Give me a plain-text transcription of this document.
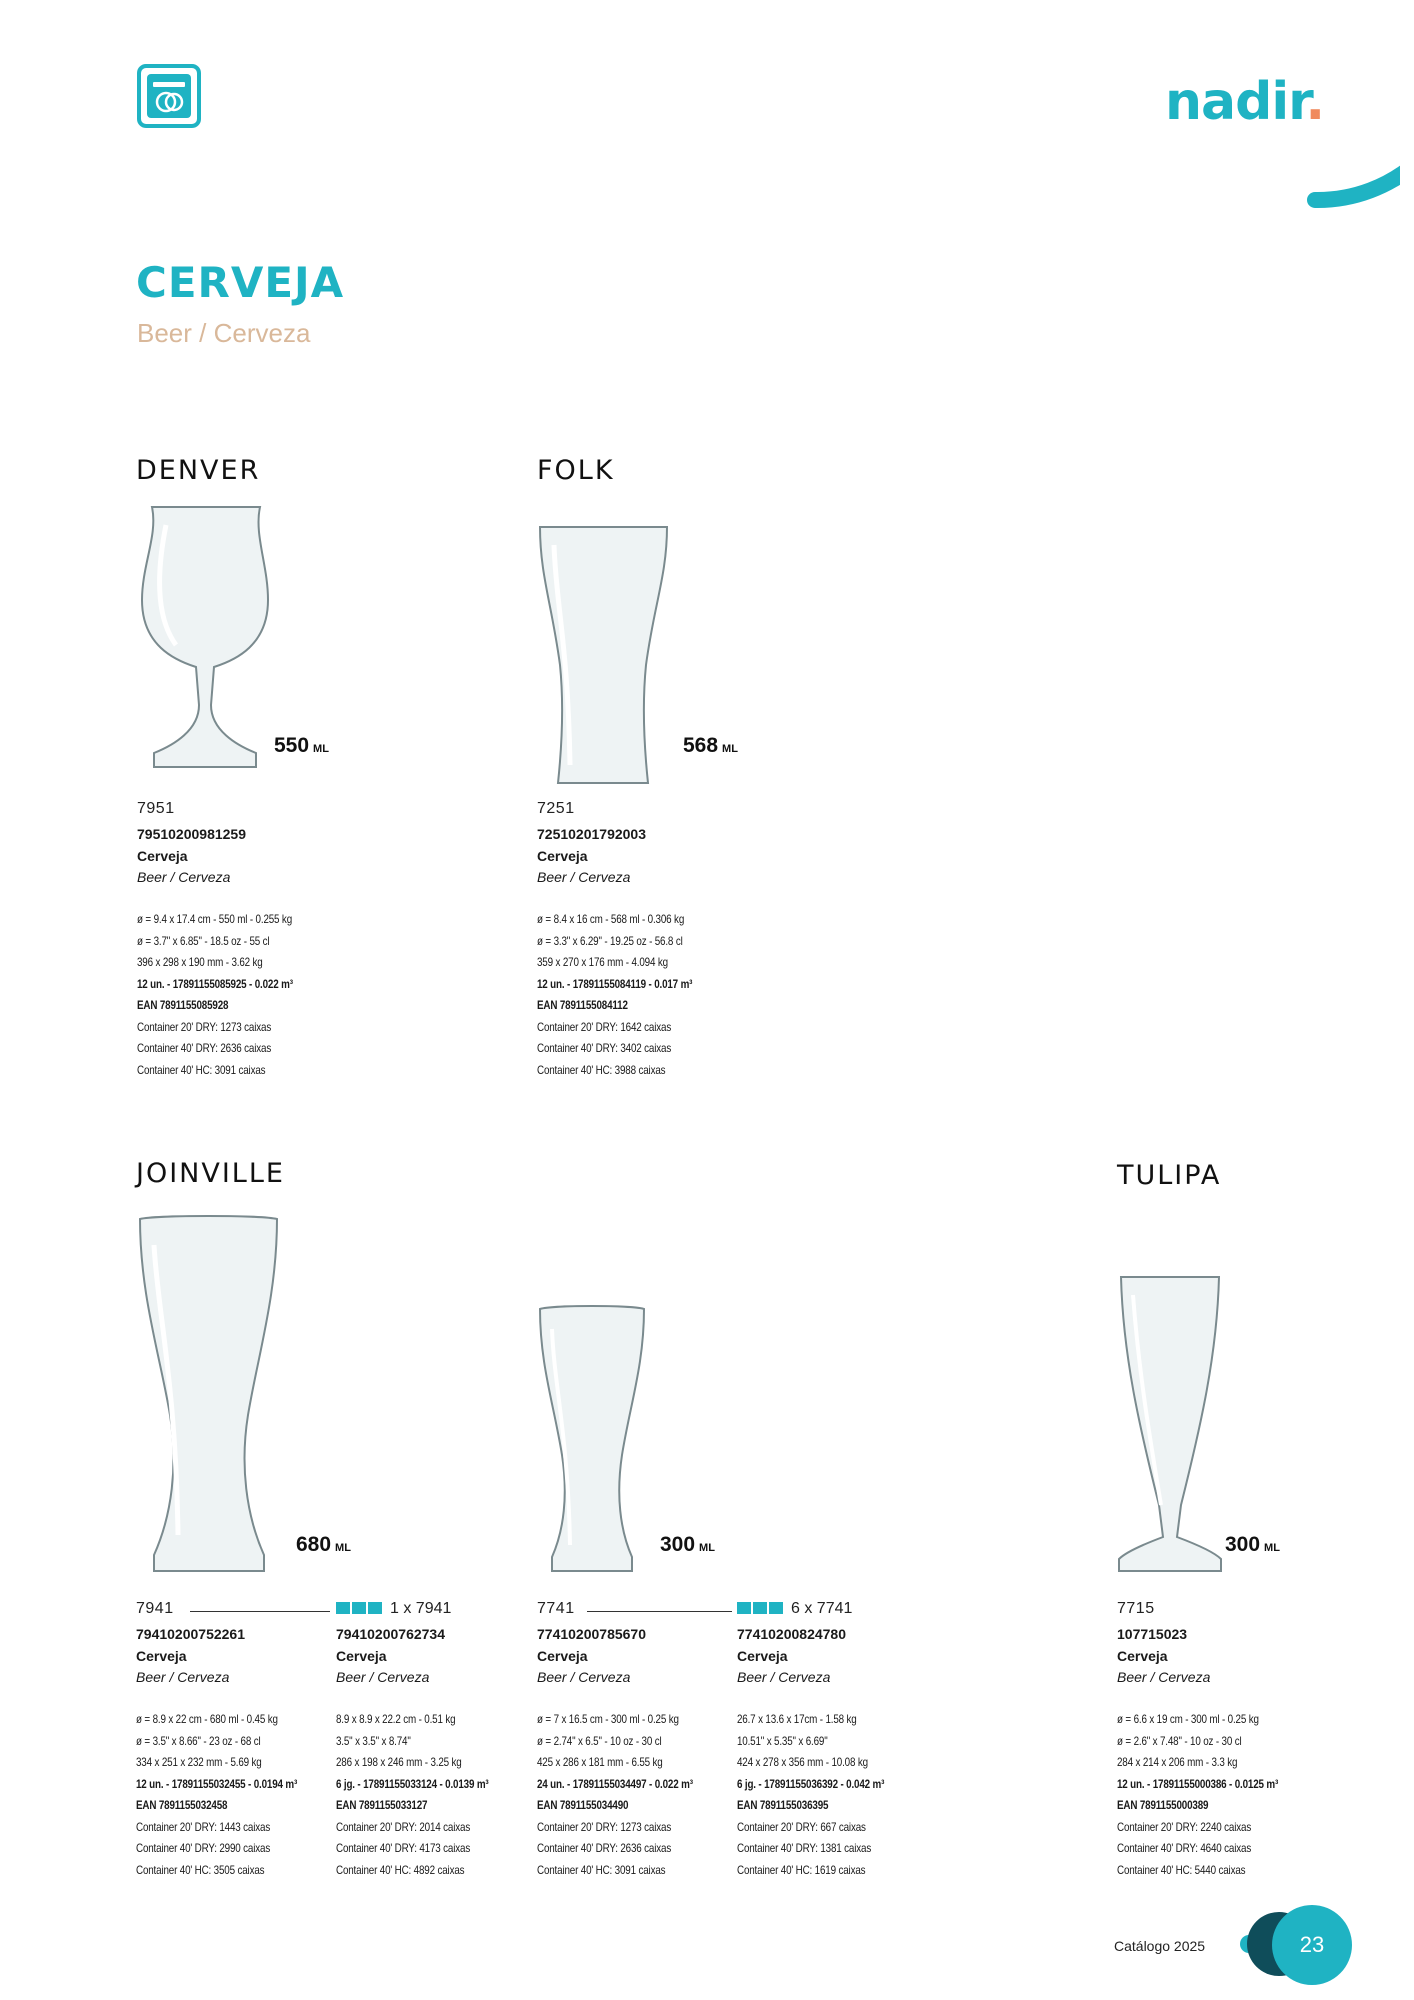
nadir.
CERVEJA
Beer / Cerveza
DENVER
550 ML
7951
79510200981259
Cerveja
Beer / Cerveza
ø = 9.4 x 17.4 cm - 550 ml - 0.255 kg
ø = 3.7" x 6.85" - 18.5 oz - 55 cl
396 x 298 x 190 mm - 3.62 kg
12 un. - 17891155085925 - 0.022 m³
EAN 7891155085928
Container 20' DRY: 1273 caixas
Container 40' DRY: 2636 caixas
Container 40' HC: 3091 caixas
FOLK
568 ML
7251
72510201792003
Cerveja
Beer / Cerveza
ø = 8.4 x 16 cm - 568 ml - 0.306 kg
ø = 3.3" x 6.29" - 19.25 oz - 56.8 cl
359 x 270 x 176 mm - 4.094 kg
12 un. - 17891155084119 - 0.017 m³
EAN 7891155084112
Container 20' DRY: 1642 caixas
Container 40' DRY: 3402 caixas
Container 40' HC: 3988 caixas
JOINVILLE
680 ML
7941	1 x 7941
79410200752261
Cerveja
Beer / Cerveza
ø = 8.9 x 22 cm - 680 ml - 0.45 kg
ø = 3.5" x 8.66" - 23 oz - 68 cl
334 x 251 x 232 mm - 5.69 kg
12 un. - 17891155032455 - 0.0194 m³
EAN 7891155032458
Container 20' DRY: 1443 caixas
Container 40' DRY: 2990 caixas
Container 40' HC: 3505 caixas
79410200762734
Cerveja
Beer / Cerveza
8.9 x 8.9 x 22.2 cm - 0.51 kg
3.5" x 3.5" x 8.74"
286 x 198 x 246 mm - 3.25 kg
6 jg. - 17891155033124 - 0.0139 m³
EAN 7891155033127
Container 20' DRY: 2014 caixas
Container 40' DRY: 4173 caixas
Container 40' HC: 4892 caixas
300 ML
7741	6 x 7741
77410200785670
Cerveja
Beer / Cerveza
ø = 7 x 16.5 cm - 300 ml - 0.25 kg
ø = 2.74" x 6.5" - 10 oz - 30 cl
425 x 286 x 181 mm - 6.55 kg
24 un. - 17891155034497 - 0.022 m³
EAN 7891155034490
Container 20' DRY: 1273 caixas
Container 40' DRY: 2636 caixas
Container 40' HC: 3091 caixas
77410200824780
Cerveja
Beer / Cerveza
26.7 x 13.6 x 17cm - 1.58 kg
10.51" x 5.35" x 6.69"
424 x 278 x 356 mm - 10.08 kg
6 jg. - 17891155036392 - 0.042 m³
EAN 7891155036395
Container 20' DRY: 667 caixas
Container 40' DRY: 1381 caixas
Container 40' HC: 1619 caixas
TULIPA
300 ML
7715
107715023
Cerveja
Beer / Cerveza
ø = 6.6 x 19 cm - 300 ml - 0.25 kg
ø = 2.6" x 7.48" - 10 oz - 30 cl
284 x 214 x 206 mm - 3.3 kg
12 un. - 17891155000386 - 0.0125 m³
EAN 7891155000389
Container 20' DRY: 2240 caixas
Container 40' DRY: 4640 caixas
Container 40' HC: 5440 caixas
Catálogo 2025	23
